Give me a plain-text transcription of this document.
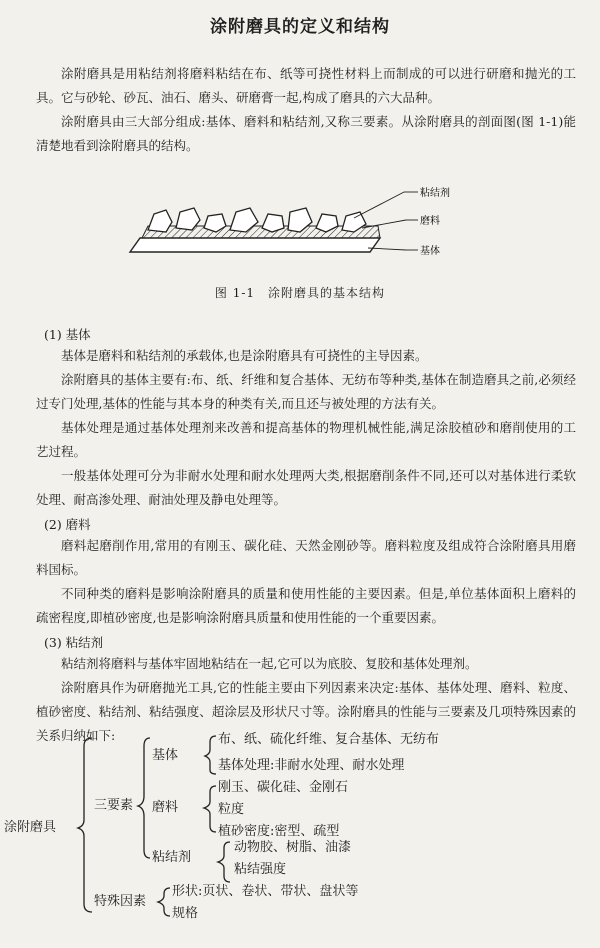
涂附磨具的定义和结构

涂附磨具是用粘结剂将磨料粘结在布、纸等可挠性材料上而制成的可以进行研磨和抛光的工具。它与砂轮、砂瓦、油石、磨头、研磨膏一起,构成了磨具的六大品种。

涂附磨具由三大部分组成:基体、磨料和粘结剂,又称三要素。从涂附磨具的剖面图(图 1-1)能清楚地看到涂附磨具的结构。

粘结剂
磨料
基体
图 1-1　涂附磨具的基本结构
(1) 基体

基体是磨料和粘结剂的承载体,也是涂附磨具有可挠性的主导因素。

涂附磨具的基体主要有:布、纸、纤维和复合基体、无纺布等种类,基体在制造磨具之前,必须经过专门处理,基体的性能与其本身的种类有关,而且还与被处理的方法有关。

基体处理是通过基体处理剂来改善和提高基体的物理机械性能,满足涂胶植砂和磨削使用的工艺过程。

一般基体处理可分为非耐水处理和耐水处理两大类,根据磨削条件不同,还可以对基体进行柔软处理、耐高渗处理、耐油处理及静电处理等。

(2) 磨料

磨料起磨削作用,常用的有刚玉、碳化硅、天然金刚砂等。磨料粒度及组成符合涂附磨具用磨料国标。

不同种类的磨料是影响涂附磨具的质量和使用性能的主要因素。但是,单位基体面积上磨料的疏密程度,即植砂密度,也是影响涂附磨具质量和使用性能的一个重要因素。

(3) 粘结剂

粘结剂将磨料与基体牢固地粘结在一起,它可以为底胶、复胶和基体处理剂。

涂附磨具作为研磨抛光工具,它的性能主要由下列因素来决定:基体、基体处理、磨料、粒度、植砂密度、粘结剂、粘结强度、超涂层及形状尺寸等。涂附磨具的性能与三要素及几项特殊因素的关系归纳如下:

涂附磨具
三要素
特殊因素
基体
磨料
粘结剂
布、纸、硫化纤维、复合基体、无纺布
基体处理:非耐水处理、耐水处理
刚玉、碳化硅、金刚石
粒度
植砂密度:密型、疏型
动物胶、树脂、油漆
粘结强度
形状:页状、卷状、带状、盘状等
规格
